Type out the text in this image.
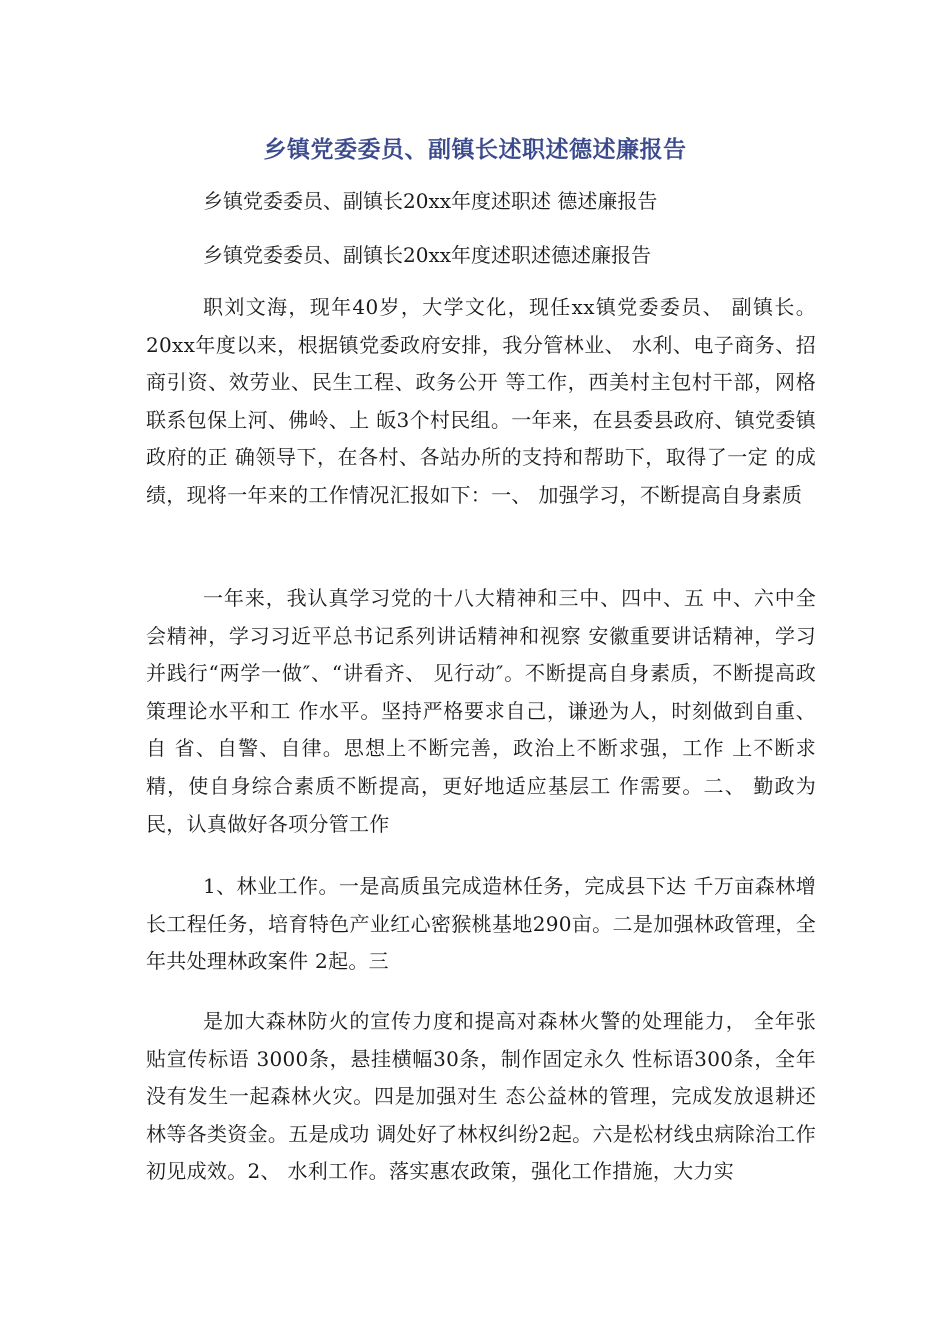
乡镇党委委员、副镇长述职述德述廉报告
乡镇党委委员、副镇长20xx年度述职述 德述廉报告
乡镇党委委员、副镇长20xx年度述职述德述廉报告
职刘文海，现年40岁，大学文化，现任xx镇党委委员、 副镇长。20xx年度以来，根据镇党委政府安排，我分管林业、 水利、电子商务、招商引资、效劳业、民生工程、政务公开 等工作，西美村主包村干部，网格联系包保上河、佛岭、上 皈3个村民组。一年来，在县委县政府、镇党委镇政府的正 确领导下，在各村、各站办所的支持和帮助下，取得了一定 的成绩，现将一年来的工作情况汇报如下：一、 加强学习，不断提高自身素质
一年来，我认真学习党的十八大精神和三中、四中、五 中、六中全会精神，学习习近平总书记系列讲话精神和视察 安徽重要讲话精神，学习并践行“两学一做″、“讲看齐、 见行动″。不断提高自身素质，不断提高政策理论水平和工 作水平。坚持严格要求自己，谦逊为人，时刻做到自重、自 省、自警、自律。思想上不断完善，政治上不断求强，工作 上不断求精，使自身综合素质不断提高，更好地适应基层工 作需要。二、 勤政为民，认真做好各项分管工作
1、林业工作。一是高质虽完成造林任务，完成县下达 千万亩森林增长工程任务，培育特色产业红心密猴桃基地290亩。二是加强林政管理，全年共处理林政案件 2起。三
是加大森林防火的宣传力度和提高对森林火警的处理能力， 全年张贴宣传标语 3000条，悬挂横幅30条，制作固定永久 性标语300条，全年没有发生一起森林火灾。四是加强对生 态公益林的管理，完成发放退耕还林等各类资金。五是成功 调处好了林权纠纷2起。六是松材线虫病除治工作初见成效。2、 水利工作。落实惠农政策，强化工作措施，大力实
